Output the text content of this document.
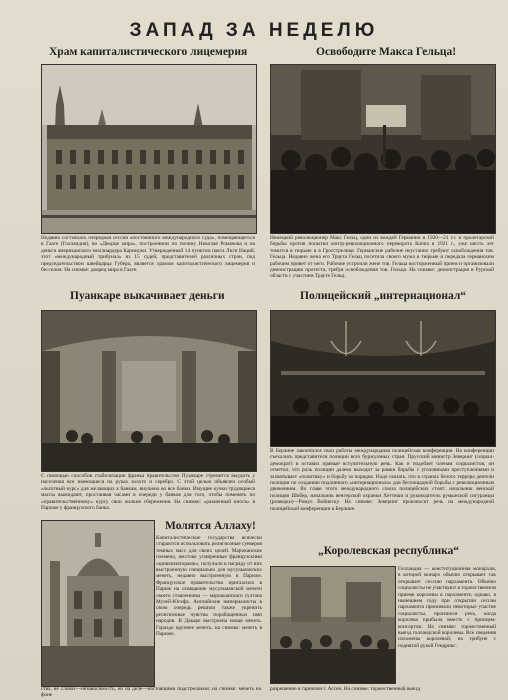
ЗАПАД ЗА НЕДЕЛЮ
Храм капиталистического лицемерия
Недавно состоялась очередная сессия «постоянного международного суда», помещающегося в Гааге (Голландия), во «Дворце мира», построенном по почину Николая Романова и на деньги американского миллиардера Карнеджи. Утвержденный 14 пунктом пакта Лиги Наций, этот «международный трибунал» из 15 судей, представителей различных стран, под председательством швейцарца Губера, является храмом капиталистического лицемерия и бессилия. На снимке: дворец мира в Гааге.
Освободите Макса Гельца!
Немецкий революционер Макс Гельц, один из вождей Германии в 1920—21 г.г. и пролетарской борьбы против попытки контр-революционного переворота Каппа в 1921 г., уже шесть лет томится в тюрьме и в Гросстрелице. Германские рабочие неустанно требуют освобождения тов. Гельца. Недавно жена его Траута Гельц посетила своего мужа в тюрьме и передала германским рабочим привет от него. Рабочие устроили жене тов. Гельца восторженный прием и организовали демонстрацию протеста, требуя освобождения тов. Гельца. На снимке: демонстрация в Рурской области с участием Трауте Гельц.
Пуанкаре выкачивает деньги
С помощью способов стабилизации франка правительство Пуанкаре стремится выудить у населения все имеющиеся на руках золото и серебро. С этой целью объявлен особый «льготный курс» для желающих к банкам, внушено во все банки. Имущие кучки трудящиеся массы выжидают, простаивая часами в очереди у банков для того, чтобы поменять по «правительственному» курсу свои жалкие сбережения. На снимке: «разменный киоск» в Париже у французского банка.
Полицейский „интернационал“
В Берлине закончился свои работы международная полицейская конференция. На конференции съехались представители полиции всех буржуазных стран. Прусский министр Зеверинг (социал-демократ) в оставил прямые вступительную речь. Как и подобает членам социалистов, он отметил, что роль полиции далеко выходит за рамки борьбы с уголовными преступлениями и захватывает «политику» и борьбу за порядок. Надо сказать, что в странах белого террора деятели полиции по созданию подлинного «интернационала» для беспощадной борьбы с революционным движением. Во главе этого международного союза полицейских стоят: начальник венской полиции Шобер, начальник венгерской охранки Хеттеши и руководитель румынской сигуранцы (разведки)—Ромул Войнеску. На снимке: Зеверинг произносит речь на международной полицейской конференции в Берлине.
Молятся Аллаху!
Капиталистические государства всячески стараются использовать религиозные суеверия темных масс для своих целей. Мароканские племена, жестоко усмиренные французскими «цивилизаторами», получили в награду от них выстроенную специально для мусульманских мечеть, недавно выстроенную в Париже. Французское правительство пригласило в Париж на освящение мусульманской мечети своего ставленника — марокканского султана Мулей-Юсефа. Английские империалисты в свою очередь решили также укрепить религиозные чувства порабощенных ими народов. В Дакаре выстроена новая мечеть. Гораздо крупнее мечеть, на снимке: мечеть в Париже.
„Королевская республика“
Голландия — конституционная монархия, в которой монарх обычно открывает так открывает сессию парламента. Обычно социалисты не участвуют в торжественном приеме королевы в парламенте, однако, в нынешнем году при открытии сессии парламента принимали некоторые участие социалисты, произнося речь, когда королева прибыла вместе с принцем-консортом. На снимке: торжественный выезд голландской королевы. Все сведения изложены королевой; на трибуне с поднятой рукой Гендрикс.
ства, не словах—независимость, но на деле—настоящими подстрелками; на снимке: мечеть на фоне
разрешение в гарнизон г. Ассен. На снимке: торжественный выезд
